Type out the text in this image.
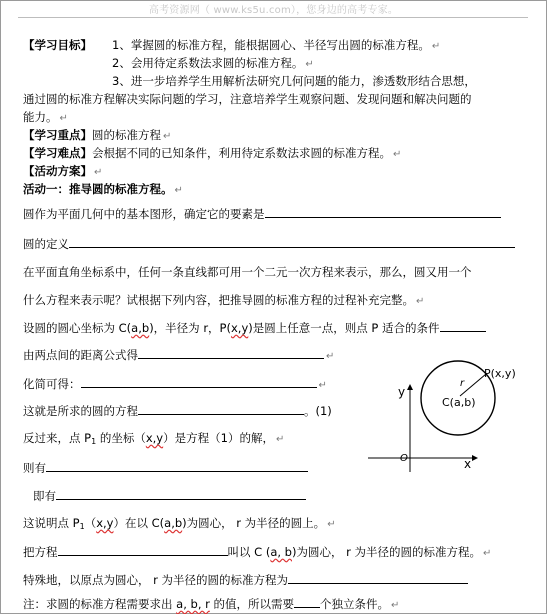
高考资源网（ www.ks5u.com），您身边的高考专家。
【学习目标】 1、掌握圆的标准方程，能根据圆心、半径写出圆的标准方程。 ↵
2、会用待定系数法求圆的标准方程。 ↵
3、进一步培养学生用解析法研究几何问题的能力，渗透数形结合思想，
通过圆的标准方程解决实际问题的学习，注意培养学生观察问题、发现问题和解决问题的
能力。 ↵
【学习重点】圆的标准方程 ↵
【学习难点】会根据不同的已知条件，利用待定系数法求圆的标准方程。 ↵
【活动方案】 ↵
活动一：推导圆的标准方程。 ↵
圆作为平面几何中的基本图形，确定它的要素是
圆的定义
在平面直角坐标系中，任何一条直线都可用一个二元一次方程来表示，那么，圆又用一个
什么方程来表示呢？试根据下列内容，把推导圆的标准方程的过程补充完整。 ↵
设圆的圆心坐标为 C(a,b)，半径为 r，P(x,y)是圆上任意一点，则点 P 适合的条件
由两点间的距离公式得	↵
化简可得：	↵
这就是所求的圆的方程	。(1)
反过来，点 $P_1$ 的坐标（x,y）是方程（1）的解， ↵
则有
即有
这说明点 $P_1(x,y)$在以 C(a,b)为圆心， r 为半径的圆上。 ↵
把方程	叫以 C (a, b)为圆心， r 为半径的圆的标准方程。 ↵
特殊地，以原点为圆心， r 为半径的圆的标准方程为
注：求圆的标准方程需要求出 a, b, r 的值，所以需要 个独立条件。 ↵
x
y
O
r
C(a,b)
P(x,y)
